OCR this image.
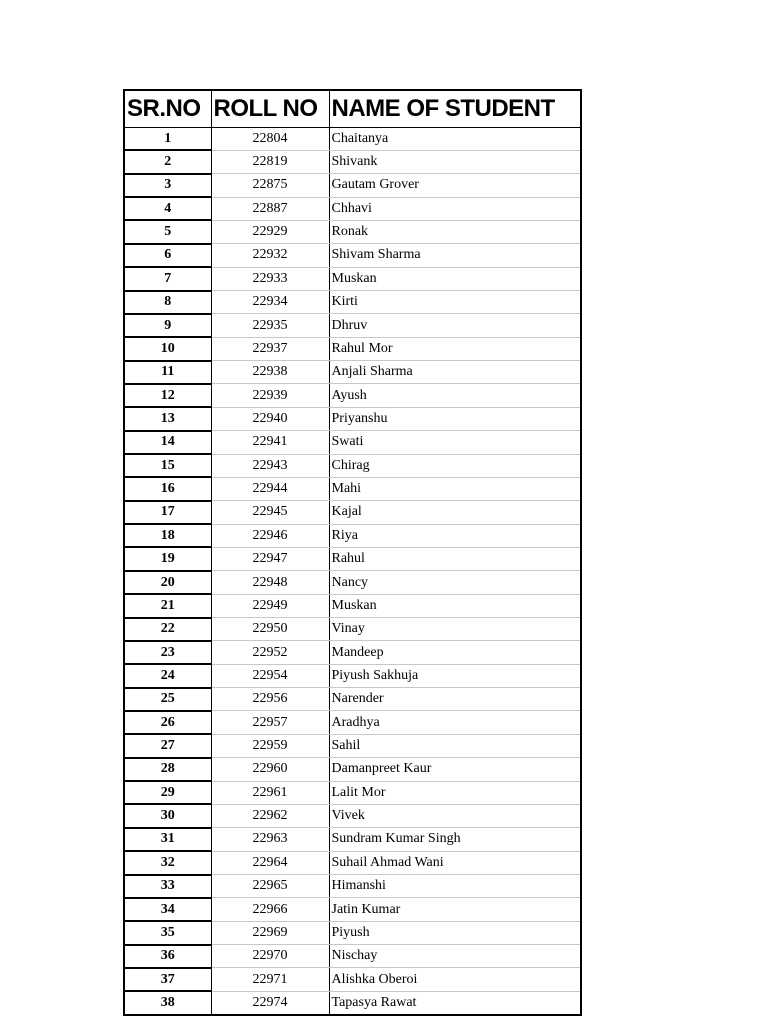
SR.NO	ROLL NO	NAME OF STUDENT
1	22804	Chaitanya
2	22819	Shivank
3	22875	Gautam Grover
4	22887	Chhavi
5	22929	Ronak
6	22932	Shivam Sharma
7	22933	Muskan
8	22934	Kirti
9	22935	Dhruv
10	22937	Rahul Mor
11	22938	Anjali Sharma
12	22939	Ayush
13	22940	Priyanshu
14	22941	Swati
15	22943	Chirag
16	22944	Mahi
17	22945	Kajal
18	22946	Riya
19	22947	Rahul
20	22948	Nancy
21	22949	Muskan
22	22950	Vinay
23	22952	Mandeep
24	22954	Piyush Sakhuja
25	22956	Narender
26	22957	Aradhya
27	22959	Sahil
28	22960	Damanpreet Kaur
29	22961	Lalit Mor
30	22962	Vivek
31	22963	Sundram Kumar Singh
32	22964	Suhail Ahmad Wani
33	22965	Himanshi
34	22966	Jatin Kumar
35	22969	Piyush
36	22970	Nischay
37	22971	Alishka Oberoi
38	22974	Tapasya Rawat
